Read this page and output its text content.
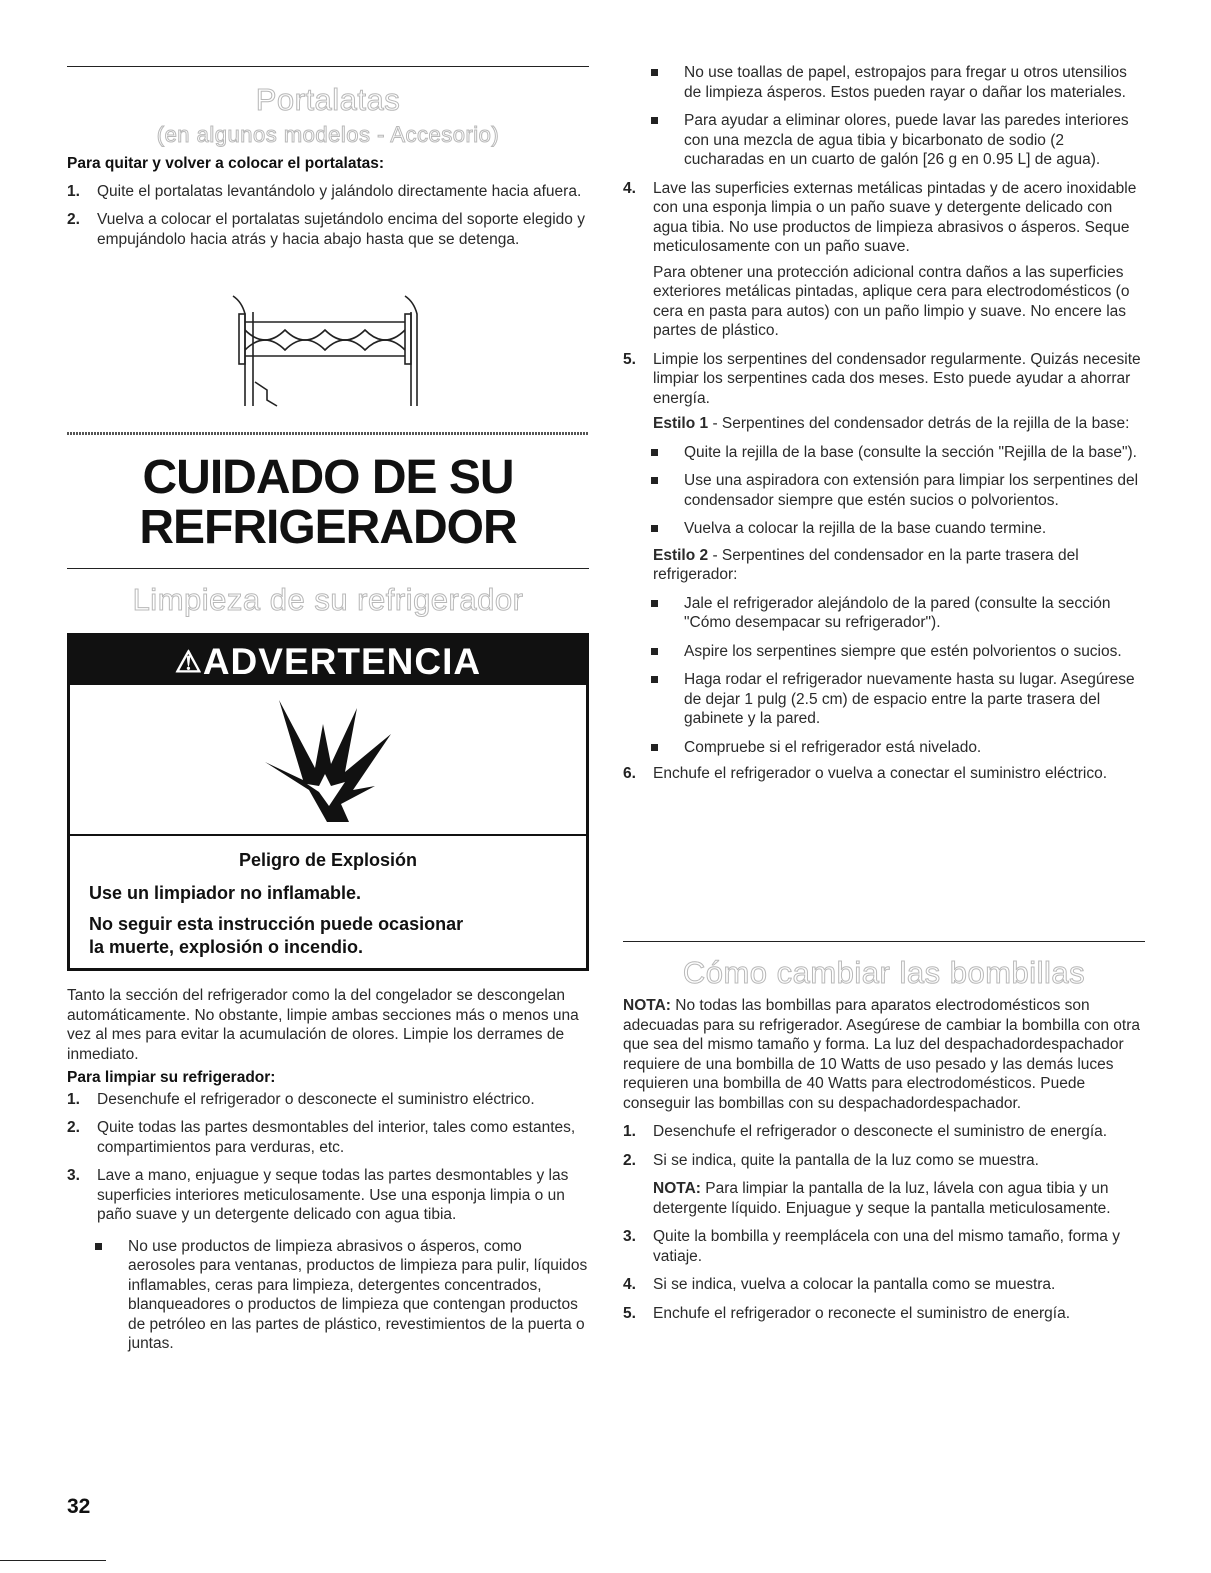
Portalatas
(en algunos modelos - Accesorio)

Para quitar y volver a colocar el portalatas:

1. Quite el portalatas levantándolo y jalándolo directamente hacia afuera.

2. Vuelva a colocar el portalatas sujetándolo encima del soporte elegido y empujándolo hacia atrás y hacia abajo hasta que se detenga.

CUIDADO DE SU
REFRIGERADOR
Limpieza de su refrigerador
⚠ADVERTENCIA
Peligro de Explosión
Use un limpiador no inflamable.
No seguir esta instrucción puede ocasionar
la muerte, explosión o incendio.

Tanto la sección del refrigerador como la del congelador se descongelan automáticamente. No obstante, limpie ambas secciones más o menos una vez al mes para evitar la acumulación de olores. Limpie los derrames de inmediato.

Para limpiar su refrigerador:

1. Desenchufe el refrigerador o desconecte el suministro eléctrico.

2. Quite todas las partes desmontables del interior, tales como estantes, compartimientos para verduras, etc.

3. Lave a mano, enjuague y seque todas las partes desmontables y las superficies interiores meticulosamente. Use una esponja limpia o un paño suave y un detergente delicado con agua tibia.

No use productos de limpieza abrasivos o ásperos, como aerosoles para ventanas, productos de limpieza para pulir, líquidos inflamables, ceras para limpieza, detergentes concentrados, blanqueadores o productos de limpieza que contengan productos de petróleo en las partes de plástico, revestimientos de la puerta o juntas.

No use toallas de papel, estropajos para fregar u otros utensilios de limpieza ásperos. Estos pueden rayar o dañar los materiales.

Para ayudar a eliminar olores, puede lavar las paredes interiores con una mezcla de agua tibia y bicarbonato de sodio (2 cucharadas en un cuarto de galón [26 g en 0.95 L] de agua).

4. Lave las superficies externas metálicas pintadas y de acero inoxidable con una esponja limpia o un paño suave y detergente delicado con agua tibia. No use productos de limpieza abrasivos o ásperos. Seque meticulosamente con un paño suave.

Para obtener una protección adicional contra daños a las superficies exteriores metálicas pintadas, aplique cera para electrodomésticos (o cera en pasta para autos) con un paño limpio y suave. No encere las partes de plástico.

5. Limpie los serpentines del condensador regularmente. Quizás necesite limpiar los serpentines cada dos meses. Esto puede ayudar a ahorrar energía.

Estilo 1 - Serpentines del condensador detrás de la rejilla de la base:

Quite la rejilla de la base (consulte la sección "Rejilla de la base").

Use una aspiradora con extensión para limpiar los serpentines del condensador siempre que estén sucios o polvorientos.

Vuelva a colocar la rejilla de la base cuando termine.

Estilo 2 - Serpentines del condensador en la parte trasera del refrigerador:

Jale el refrigerador alejándolo de la pared (consulte la sección "Cómo desempacar su refrigerador").

Aspire los serpentines siempre que estén polvorientos o sucios.

Haga rodar el refrigerador nuevamente hasta su lugar. Asegúrese de dejar 1 pulg (2.5 cm) de espacio entre la parte trasera del gabinete y la pared.

Compruebe si el refrigerador está nivelado.

6. Enchufe el refrigerador o vuelva a conectar el suministro eléctrico.

Cómo cambiar las bombillas

NOTA: No todas las bombillas para aparatos electrodomésticos son adecuadas para su refrigerador. Asegúrese de cambiar la bombilla con otra que sea del mismo tamaño y forma. La luz del despachadordespachador requiere de una bombilla de 10 Watts de uso pesado y las demás luces requieren una bombilla de 40 Watts para electrodomésticos. Puede conseguir las bombillas con su despachadordespachador.

1. Desenchufe el refrigerador o desconecte el suministro de energía.

2. Si se indica, quite la pantalla de la luz como se muestra.

NOTA: Para limpiar la pantalla de la luz, lávela con agua tibia y un detergente líquido. Enjuague y seque la pantalla meticulosamente.

3. Quite la bombilla y reemplácela con una del mismo tamaño, forma y vatiaje.

4. Si se indica, vuelva a colocar la pantalla como se muestra.

5. Enchufe el refrigerador o reconecte el suministro de energía.

32
